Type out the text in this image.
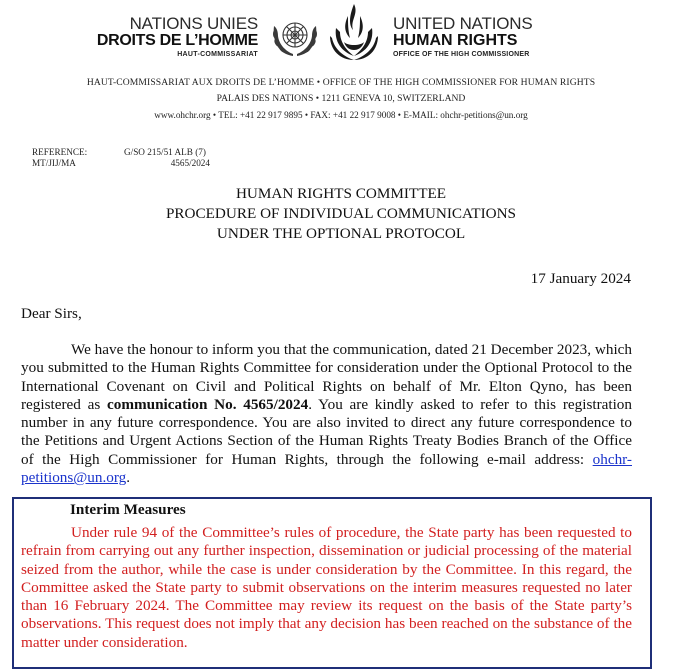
NATIONS UNIES
DROITS DE L’HOMME
HAUT-COMMISSARIAT
UNITED NATIONS
HUMAN RIGHTS
OFFICE OF THE HIGH COMMISSIONER
HAUT-COMMISSARIAT AUX DROITS DE L’HOMME • OFFICE OF THE HIGH COMMISSIONER FOR HUMAN RIGHTS
PALAIS DES NATIONS • 1211 GENEVA 10, SWITZERLAND
www.ohchr.org • TEL: +41 22 917 9895 • FAX: +41 22 917 9008 • E-MAIL: ohchr-petitions@un.org
REFERENCE:
MT/JIJ/MA
G/SO 215/51 ALB (7)
4565/2024
HUMAN RIGHTS COMMITTEE
PROCEDURE OF INDIVIDUAL COMMUNICATIONS
UNDER THE OPTIONAL PROTOCOL
17 January 2024
Dear Sirs,
We have the honour to inform you that the communication, dated 21 December 2023, which you submitted to the Human Rights Committee for consideration under the Optional Protocol to the International Covenant on Civil and Political Rights on behalf of Mr. Elton Qyno, has been registered as communication No. 4565/2024. You are kindly asked to refer to this registration number in any future correspondence. You are also invited to direct any future correspondence to the Petitions and Urgent Actions Section of the Human Rights Treaty Bodies Branch of the Office of the High Commissioner for Human Rights, through the following e-mail address: ohchr-petitions@un.org.
Interim Measures
Under rule 94 of the Committee’s rules of procedure, the State party has been requested to refrain from carrying out any further inspection, dissemination or judicial processing of the material seized from the author, while the case is under consideration by the Committee. In this regard, the Committee asked the State party to submit observations on the interim measures requested no later than 16 February 2024. The Committee may review its request on the basis of the State party’s observations. This request does not imply that any decision has been reached on the substance of the matter under consideration.
